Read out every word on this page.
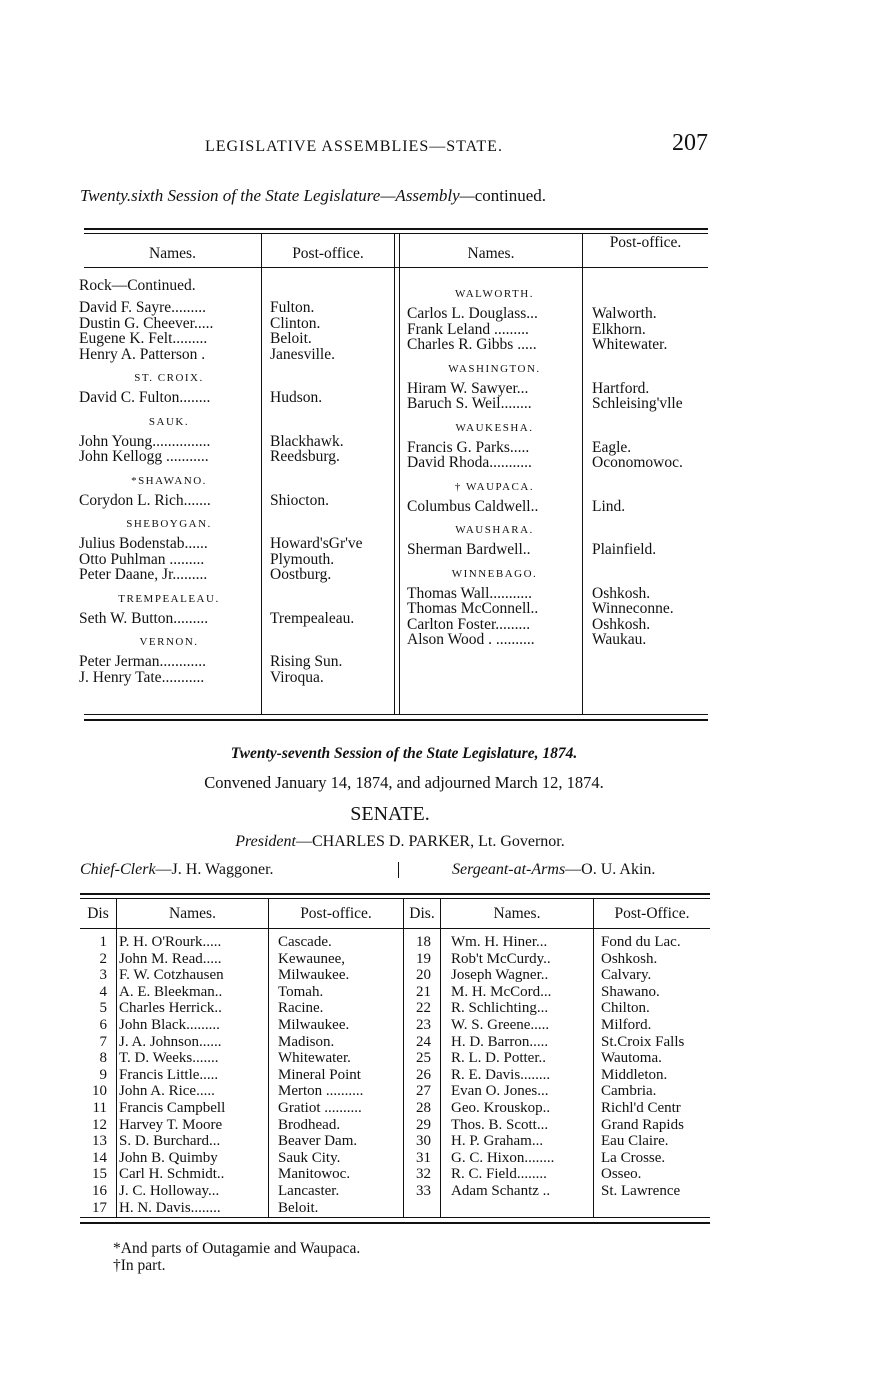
LEGISLATIVE ASSEMBLIES—STATE.	207
Twenty.sixth Session of the State Legislature—Assembly—continued.
Names.	Post-office.	Names.
Post-office.
Rock—Continued.
David F. Sayre.........	Fulton.
Dustin G. Cheever.....	Clinton.
Eugene K. Felt.........	Beloit.
Henry A. Patterson .	Janesville.
ST. CROIX.
David C. Fulton........	Hudson.
SAUK.
John Young...............	Blackhawk.
John Kellogg ...........	Reedsburg.
*SHAWANO.
Corydon L. Rich.......	Shiocton.
SHEBOYGAN.
Julius Bodenstab......	Howard'sGr've
Otto Puhlman .........	Plymouth.
Peter Daane, Jr.........	Oostburg.
TREMPEALEAU.
Seth W. Button.........	Trempealeau.
VERNON.
Peter Jerman............	Rising Sun.
J. Henry Tate...........	Viroqua.
WALWORTH.
Carlos L. Douglass...	Walworth.
Frank Leland .........	Elkhorn.
Charles R. Gibbs .....	Whitewater.
WASHINGTON.
Hiram W. Sawyer...	Hartford.
Baruch S. Weil........	Schleising'vlle
WAUKESHA.
Francis G. Parks.....	Eagle.
David Rhoda...........	Oconomowoc.
† WAUPACA.
Columbus Caldwell..	Lind.
WAUSHARA.
Sherman Bardwell..	Plainfield.
WINNEBAGO.
Thomas Wall...........	Oshkosh.
Thomas McConnell..	Winneconne.
Carlton Foster.........	Oshkosh.
Alson Wood . ..........	Waukau.
Twenty-seventh Session of the State Legislature, 1874.
Convened January 14, 1874, and adjourned March 12, 1874.
SENATE.
President—CHARLES D. PARKER, Lt. Governor.
Chief-Clerk—J. H. Waggoner.	Sergeant-at-Arms—O. U. Akin.
Dis	Names.	Post-office.	Dis.	Names.	Post-Office.
1 P. H. O'Rourk.....	Cascade.
2 John M. Read.....	Kewaunee,
3 F. W. Cotzhausen	Milwaukee.
4 A. E. Bleekman..	Tomah.
5 Charles Herrick..	Racine.
6 John Black.........	Milwaukee.
7 J. A. Johnson......	Madison.
8 T. D. Weeks.......	Whitewater.
9 Francis Little.....	Mineral Point
10 John A. Rice.....	Merton ..........
11 Francis Campbell	Gratiot ..........
12 Harvey T. Moore	Brodhead.
13 S. D. Burchard...	Beaver Dam.
14 John B. Quimby	Sauk City.
15 Carl H. Schmidt..	Manitowoc.
16 J. C. Holloway...	Lancaster.
17 H. N. Davis........	Beloit.
18 Wm. H. Hiner...	Fond du Lac.
19 Rob't McCurdy..	Oshkosh.
20 Joseph Wagner..	Calvary.
21 M. H. McCord...	Shawano.
22 R. Schlichting...	Chilton.
23 W. S. Greene.....	Milford.
24 H. D. Barron.....	St.Croix Falls
25 R. L. D. Potter..	Wautoma.
26 R. E. Davis........	Middleton.
27 Evan O. Jones...	Cambria.
28 Geo. Krouskop..	Richl'd Centr
29 Thos. B. Scott...	Grand Rapids
30 H. P. Graham...	Eau Claire.
31 G. C. Hixon........	La Crosse.
32 R. C. Field........	Osseo.
33 Adam Schantz ..	St. Lawrence
*And parts of Outagamie and Waupaca.
†In part.
